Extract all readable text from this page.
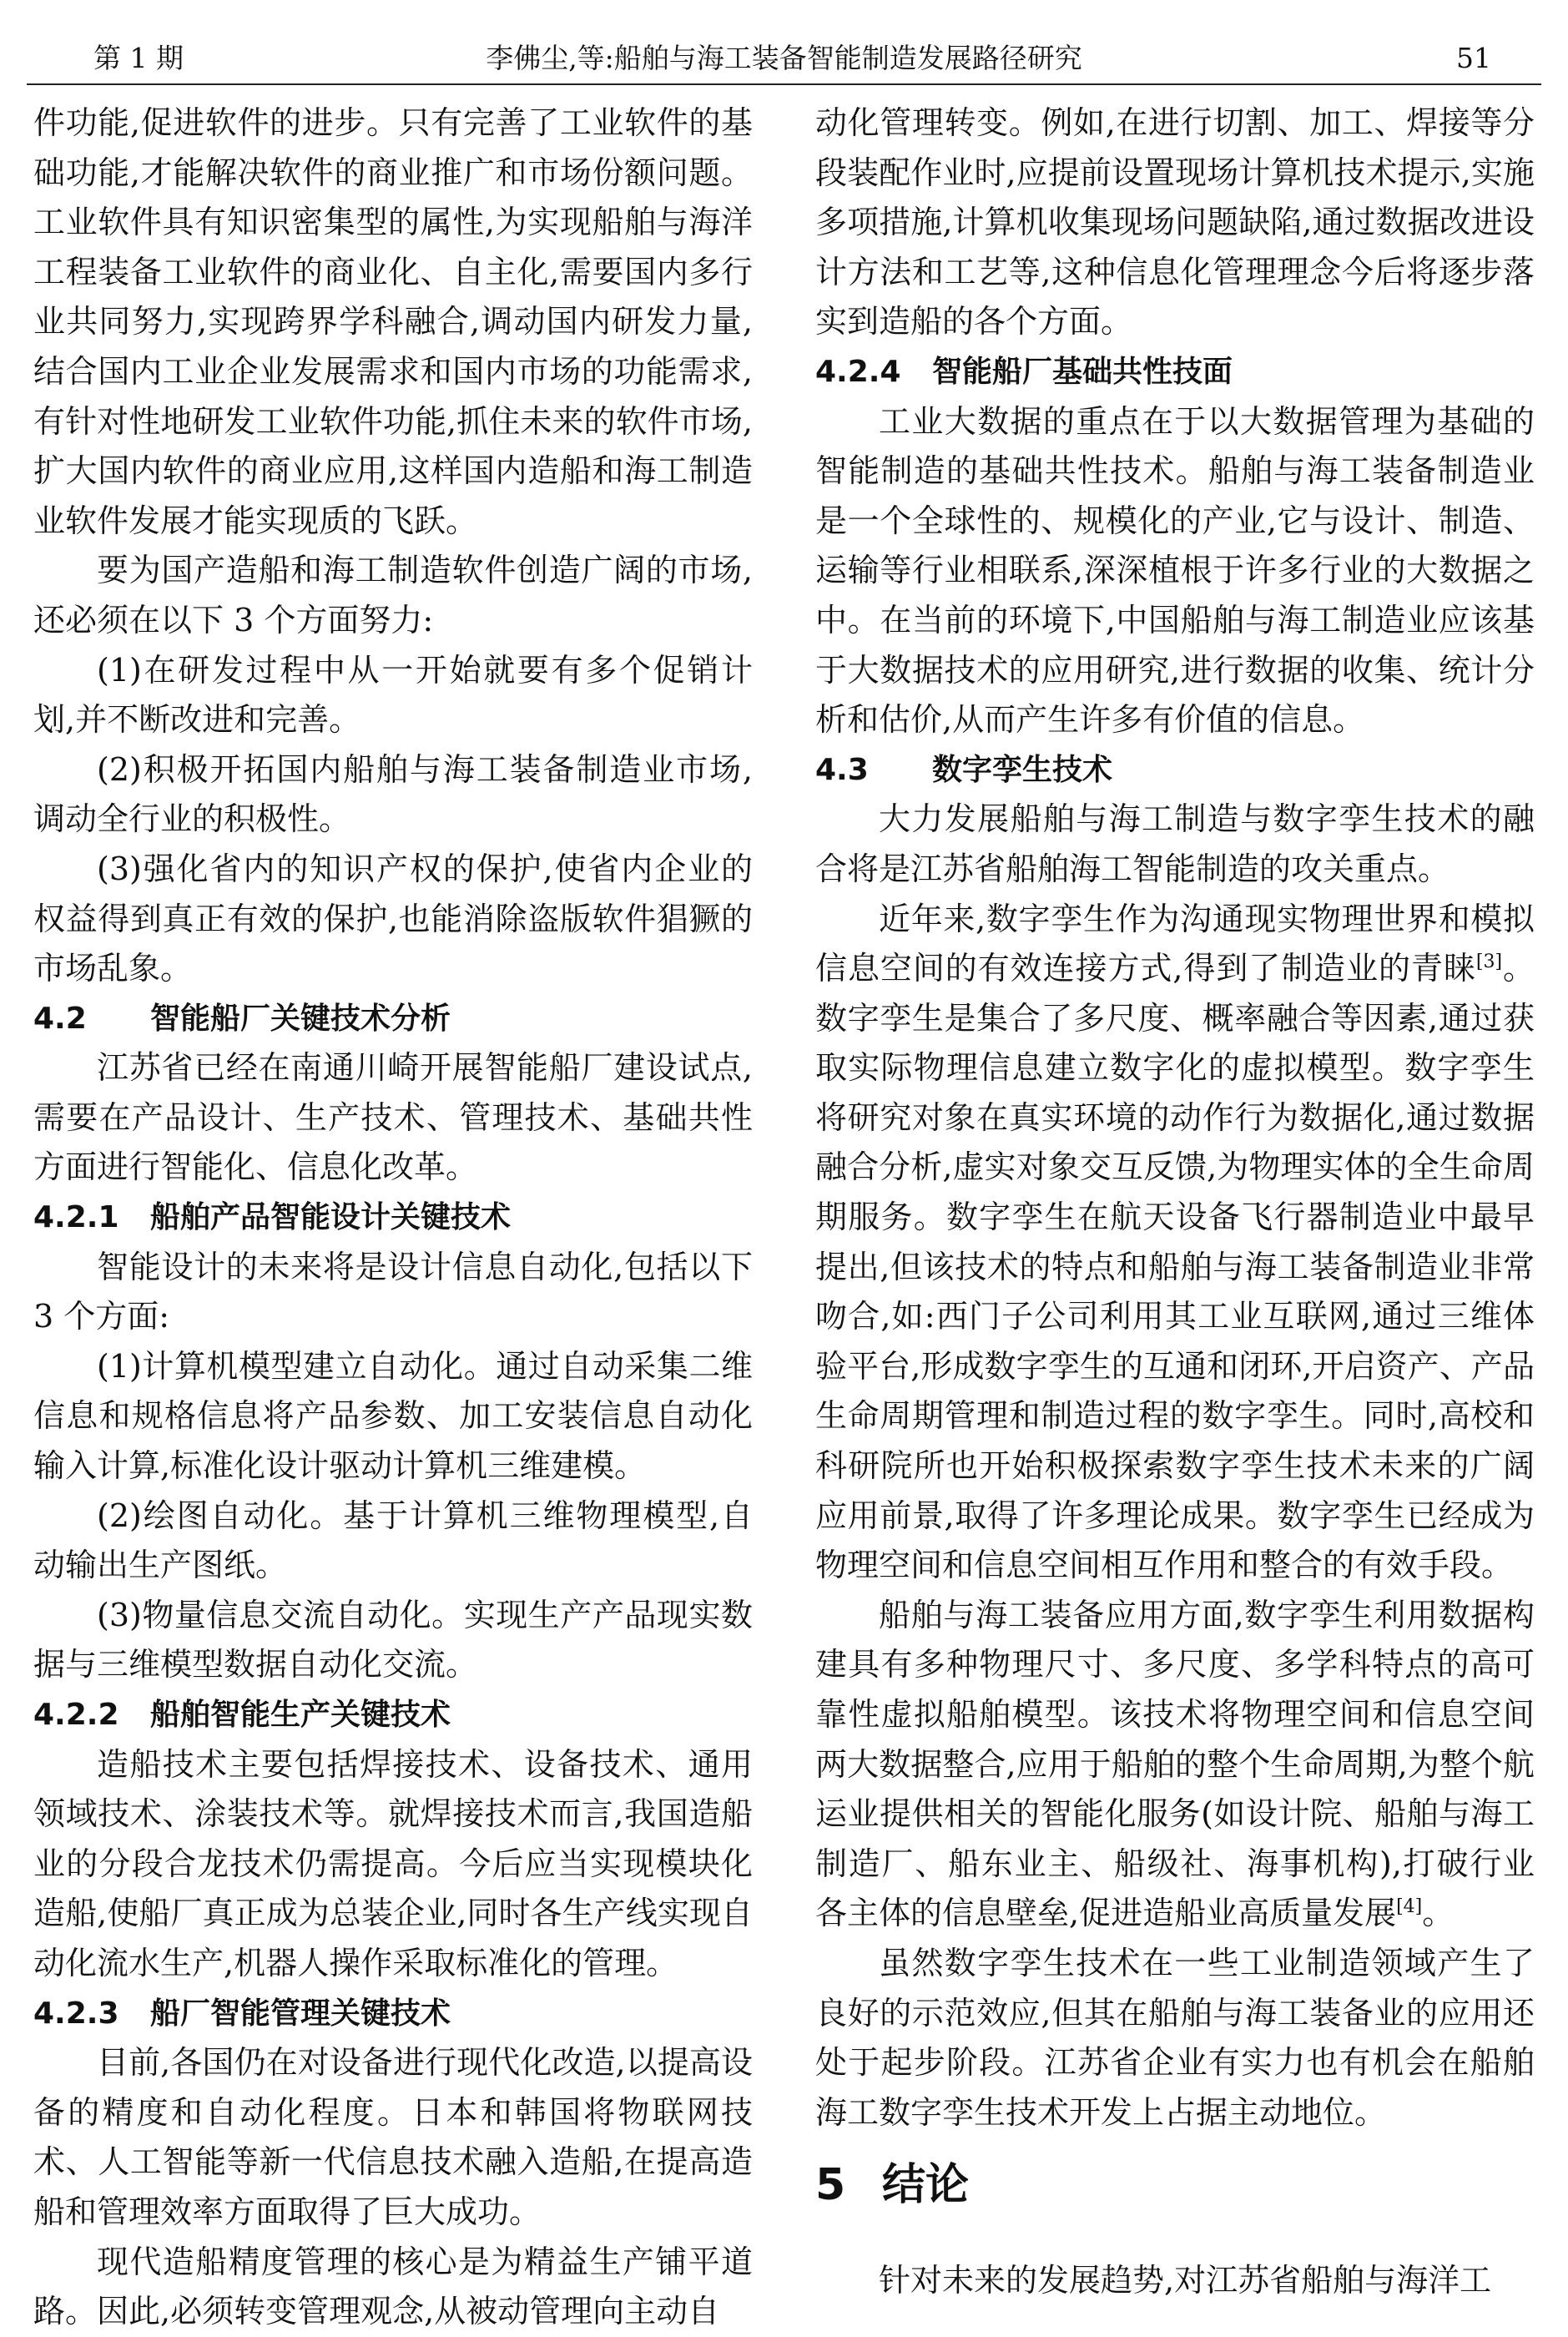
第 1 期	李佛尘,等:船舶与海工装备智能制造发展路径研究	51

件功能,促进软件的进步。只有完善了工业软件的基础功能,才能解决软件的商业推广和市场份额问题。工业软件具有知识密集型的属性,为实现船舶与海洋工程装备工业软件的商业化、自主化,需要国内多行业共同努力,实现跨界学科融合,调动国内研发力量,结合国内工业企业发展需求和国内市场的功能需求,有针对性地研发工业软件功能,抓住未来的软件市场,扩大国内软件的商业应用,这样国内造船和海工制造业软件发展才能实现质的飞跃。

要为国产造船和海工制造软件创造广阔的市场,还必须在以下 3 个方面努力:

(1)在研发过程中从一开始就要有多个促销计划,并不断改进和完善。

(2)积极开拓国内船舶与海工装备制造业市场,调动全行业的积极性。

(3)强化省内的知识产权的保护,使省内企业的权益得到真正有效的保护,也能消除盗版软件猖獗的市场乱象。

4.2 智能船厂关键技术分析

江苏省已经在南通川崎开展智能船厂建设试点,需要在产品设计、生产技术、管理技术、基础共性方面进行智能化、信息化改革。

4.2.1 船舶产品智能设计关键技术

智能设计的未来将是设计信息自动化,包括以下 3 个方面:

(1)计算机模型建立自动化。通过自动采集二维信息和规格信息将产品参数、加工安装信息自动化输入计算,标准化设计驱动计算机三维建模。

(2)绘图自动化。基于计算机三维物理模型,自动输出生产图纸。

(3)物量信息交流自动化。实现生产产品现实数据与三维模型数据自动化交流。

4.2.2 船舶智能生产关键技术

造船技术主要包括焊接技术、设备技术、通用领域技术、涂装技术等。就焊接技术而言,我国造船业的分段合龙技术仍需提高。今后应当实现模块化造船,使船厂真正成为总装企业,同时各生产线实现自动化流水生产,机器人操作采取标准化的管理。

4.2.3 船厂智能管理关键技术

目前,各国仍在对设备进行现代化改造,以提高设备的精度和自动化程度。日本和韩国将物联网技术、人工智能等新一代信息技术融入造船,在提高造船和管理效率方面取得了巨大成功。

现代造船精度管理的核心是为精益生产铺平道路。因此,必须转变管理观念,从被动管理向主动自

动化管理转变。例如,在进行切割、加工、焊接等分段装配作业时,应提前设置现场计算机技术提示,实施多项措施,计算机收集现场问题缺陷,通过数据改进设计方法和工艺等,这种信息化管理理念今后将逐步落实到造船的各个方面。

4.2.4 智能船厂基础共性技面

工业大数据的重点在于以大数据管理为基础的智能制造的基础共性技术。船舶与海工装备制造业是一个全球性的、规模化的产业,它与设计、制造、运输等行业相联系,深深植根于许多行业的大数据之中。在当前的环境下,中国船舶与海工制造业应该基于大数据技术的应用研究,进行数据的收集、统计分析和估价,从而产生许多有价值的信息。

4.3 数字孪生技术

大力发展船舶与海工制造与数字孪生技术的融合将是江苏省船舶海工智能制造的攻关重点。

近年来,数字孪生作为沟通现实物理世界和模拟信息空间的有效连接方式,得到了制造业的青睐[3]。数字孪生是集合了多尺度、概率融合等因素,通过获取实际物理信息建立数字化的虚拟模型。数字孪生将研究对象在真实环境的动作行为数据化,通过数据融合分析,虚实对象交互反馈,为物理实体的全生命周期服务。数字孪生在航天设备飞行器制造业中最早提出,但该技术的特点和船舶与海工装备制造业非常吻合,如:西门子公司利用其工业互联网,通过三维体验平台,形成数字孪生的互通和闭环,开启资产、产品生命周期管理和制造过程的数字孪生。同时,高校和科研院所也开始积极探索数字孪生技术未来的广阔应用前景,取得了许多理论成果。数字孪生已经成为物理空间和信息空间相互作用和整合的有效手段。

船舶与海工装备应用方面,数字孪生利用数据构建具有多种物理尺寸、多尺度、多学科特点的高可靠性虚拟船舶模型。该技术将物理空间和信息空间两大数据整合,应用于船舶的整个生命周期,为整个航运业提供相关的智能化服务(如设计院、船舶与海工制造厂、船东业主、船级社、海事机构),打破行业各主体的信息壁垒,促进造船业高质量发展[4]。

虽然数字孪生技术在一些工业制造领域产生了良好的示范效应,但其在船舶与海工装备业的应用还处于起步阶段。江苏省企业有实力也有机会在船舶海工数字孪生技术开发上占据主动地位。

5 结论

针对未来的发展趋势,对江苏省船舶与海洋工
